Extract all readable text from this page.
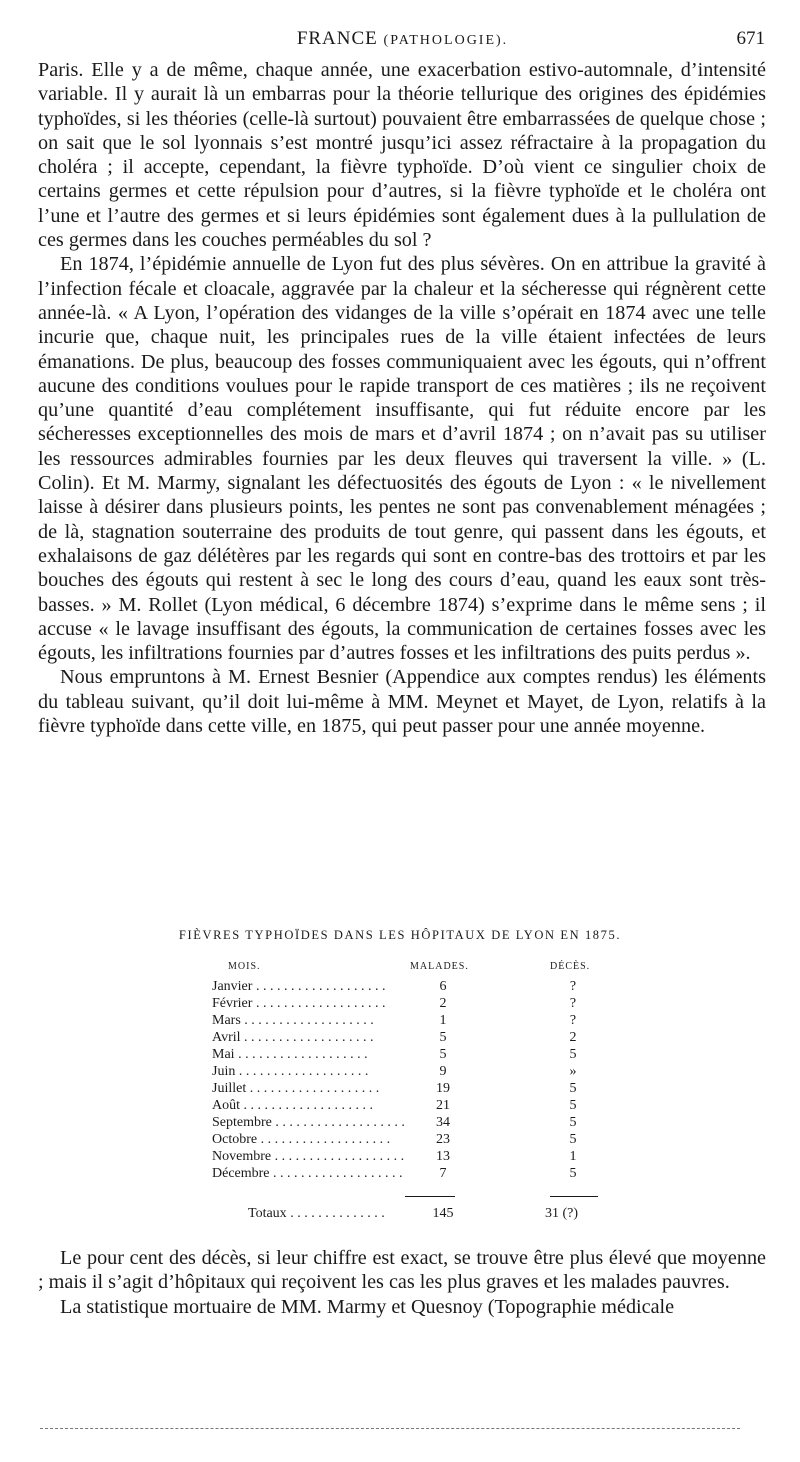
FRANCE (PATHOLOGIE).	671

Paris. Elle y a de même, chaque année, une exacerbation estivo-automnale, d’intensité variable. Il y aurait là un embarras pour la théorie tellurique des origines des épidémies typhoïdes, si les théories (celle-là surtout) pouvaient être embarrassées de quelque chose ; on sait que le sol lyonnais s’est montré jusqu’ici assez réfractaire à la propagation du choléra ; il accepte, cependant, la fièvre typhoïde. D’où vient ce singulier choix de certains germes et cette répulsion pour d’autres, si la fièvre typhoïde et le choléra ont l’une et l’autre des germes et si leurs épidémies sont également dues à la pullulation de ces germes dans les couches perméables du sol ?

En 1874, l’épidémie annuelle de Lyon fut des plus sévères. On en attribue la gravité à l’infection fécale et cloacale, aggravée par la chaleur et la sécheresse qui régnèrent cette année-là. « A Lyon, l’opération des vidanges de la ville s’opérait en 1874 avec une telle incurie que, chaque nuit, les principales rues de la ville étaient infectées de leurs émanations. De plus, beaucoup des fosses communiquaient avec les égouts, qui n’offrent aucune des conditions voulues pour le rapide transport de ces matières ; ils ne reçoivent qu’une quantité d’eau complétement insuffisante, qui fut réduite encore par les sécheresses exceptionnelles des mois de mars et d’avril 1874 ; on n’avait pas su utiliser les ressources admirables fournies par les deux fleuves qui traversent la ville. » (L. Colin). Et M. Marmy, signalant les défectuosités des égouts de Lyon : « le nivellement laisse à désirer dans plusieurs points, les pentes ne sont pas convenablement ménagées ; de là, stagnation souterraine des produits de tout genre, qui passent dans les égouts, et exhalaisons de gaz délétères par les regards qui sont en contre-bas des trottoirs et par les bouches des égouts qui restent à sec le long des cours d’eau, quand les eaux sont très-basses. » M. Rollet (Lyon médical, 6 décembre 1874) s’exprime dans le même sens ; il accuse « le lavage insuffisant des égouts, la communication de certaines fosses avec les égouts, les infiltrations fournies par d’autres fosses et les infiltrations des puits perdus ».

Nous empruntons à M. Ernest Besnier (Appendice aux comptes rendus) les éléments du tableau suivant, qu’il doit lui-même à MM. Meynet et Mayet, de Lyon, relatifs à la fièvre typhoïde dans cette ville, en 1875, qui peut passer pour une année moyenne.

FIÈVRES TYPHOÏDES DANS LES HÔPITAUX DE LYON EN 1875.
MOIS.	MALADES.	DÉCÈS.
Janvier . . . . . . . . . . . . . . . . . . .	6	?
Février . . . . . . . . . . . . . . . . . . .	2	?
Mars . . . . . . . . . . . . . . . . . . .	1	?
Avril . . . . . . . . . . . . . . . . . . .	5	2
Mai . . . . . . . . . . . . . . . . . . .	5	5
Juin . . . . . . . . . . . . . . . . . . .	9	»
Juillet . . . . . . . . . . . . . . . . . . .	19	5
Août . . . . . . . . . . . . . . . . . . .	21	5
Septembre . . . . . . . . . . . . . . . . . . .	34	5
Octobre . . . . . . . . . . . . . . . . . . .	23	5
Novembre . . . . . . . . . . . . . . . . . . .	13	1
Décembre . . . . . . . . . . . . . . . . . . .	7	5
Totaux . . . . . . . . . . . . . .	145	31 (?)

Le pour cent des décès, si leur chiffre est exact, se trouve être plus élevé que moyenne ; mais il s’agit d’hôpitaux qui reçoivent les cas les plus graves et les malades pauvres.

La statistique mortuaire de MM. Marmy et Quesnoy (Topographie médicale
